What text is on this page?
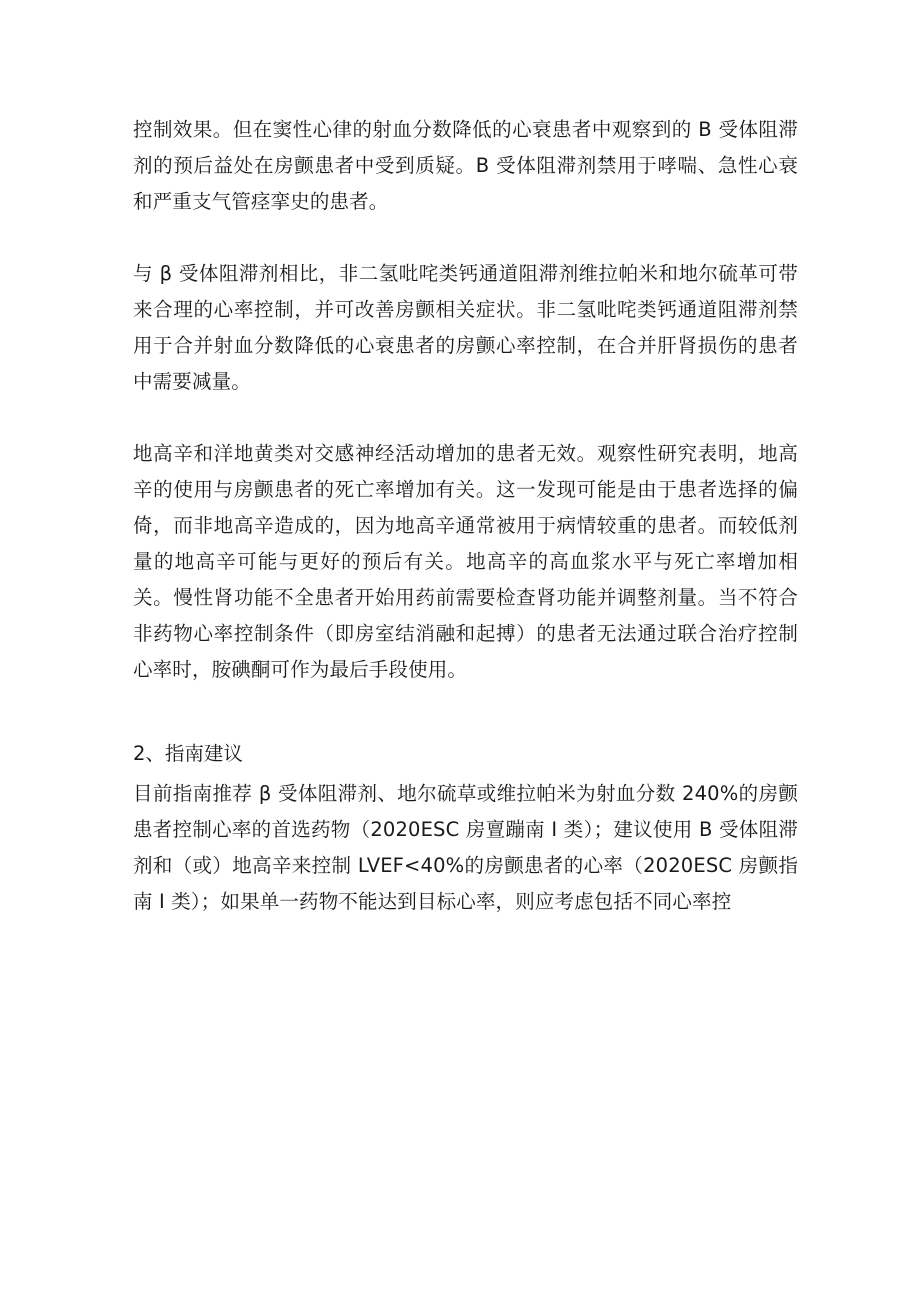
控制效果。但在窦性心律的射血分数降低的心衰患者中观察到的 Β 受体阻滞剂的预后益处在房颤患者中受到质疑。Β 受体阻滞剂禁用于哮喘、急性心衰和严重支气管痉挛史的患者。

与 β 受体阻滞剂相比，非二氢吡咤类钙通道阻滞剂维拉帕米和地尔硫革可带来合理的心率控制，并可改善房颤相关症状。非二氢吡咤类钙通道阻滞剂禁用于合并射血分数降低的心衰患者的房颤心率控制，在合并肝肾损伤的患者中需要减量。

地高辛和洋地黄类对交感神经活动增加的患者无效。观察性研究表明，地高辛的使用与房颤患者的死亡率增加有关。这一发现可能是由于患者选择的偏倚，而非地高辛造成的，因为地高辛通常被用于病情较重的患者。而较低剂量的地高辛可能与更好的预后有关。地高辛的高血浆水平与死亡率增加相关。慢性肾功能不全患者开始用药前需要检查肾功能并调整剂量。当不符合非药物心率控制条件（即房室结消融和起搏）的患者无法通过联合治疗控制心率时，胺碘酮可作为最后手段使用。

2、指南建议

目前指南推荐 β 受体阻滞剂、地尔硫草或维拉帕米为射血分数 240%的房颤患者控制心率的首选药物（2020ESC 房亶蹦南 I 类）；建议使用 Β 受体阻滞剂和（或）地高辛来控制 LVEF<40%的房颤患者的心率（2020ESC 房颤指南 I 类）；如果单一药物不能达到目标心率，则应考虑包括不同心率控
